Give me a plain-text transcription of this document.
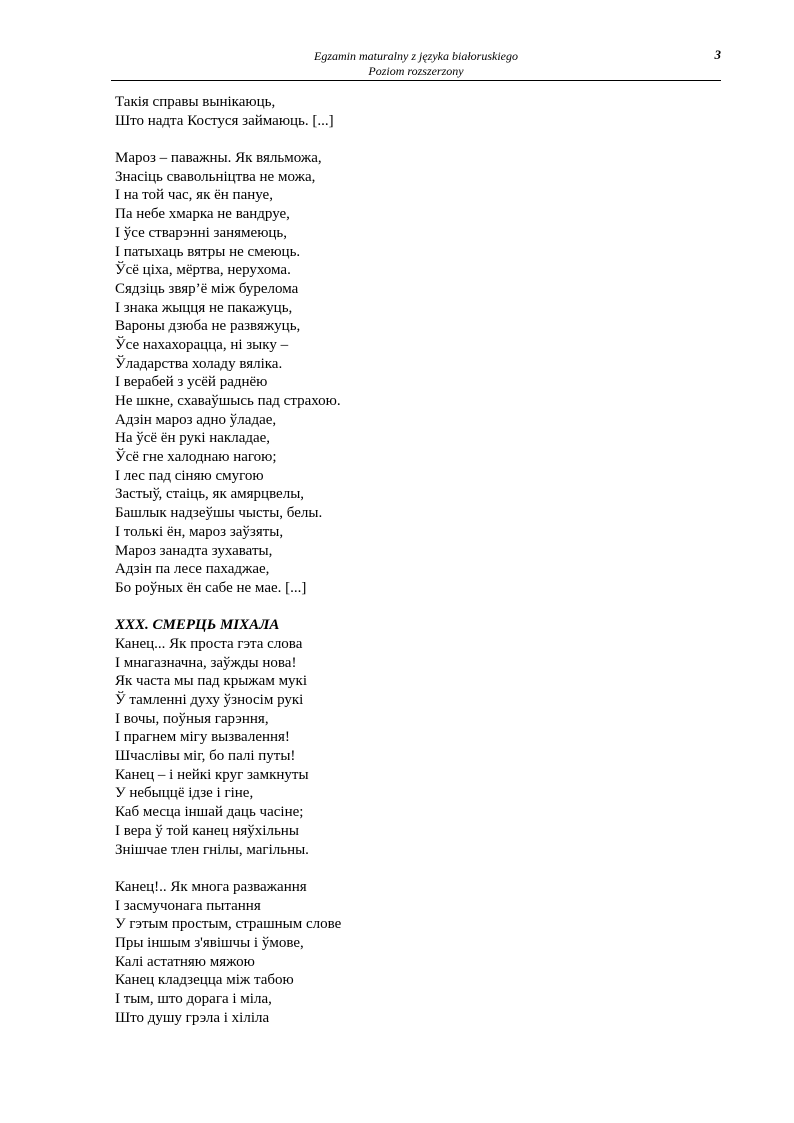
Egzamin maturalny z języka białoruskiego
Poziom rozszerzony
3
Такія справы вынікаюць,
Што надта Костуся займаюць. [...]
Мароз – паважны. Як вяльможа,
Знасіць свавольніцтва не можа,
І на той час, як ён пануе,
Па небе хмарка не вандруе,
І ўсе стварэнні занямеюць,
І патыхаць вятры не смеюць.
Ўсё ціха, мёртва, нерухома.
Сядзіць звяр’ё між бурелома
І знака жыцця не пакажуць,
Вароны дзюба не развяжуць,
Ўсе нахахорацца, ні зыку –
Ўладарства холаду вяліка.
І верабей з усёй раднёю
Не шкне, схаваўшысь пад страхою.
Адзін мароз адно ўладае,
На ўсё ён рукі накладае,
Ўсё гне халоднаю нагою;
І лес пад сіняю смугою
Застыў, стаіць, як амярцвелы,
Башлык надзеўшы чысты, белы.
І толькі ён, мароз заўзяты,
Мароз занадта зухаваты,
Адзін па лесе пахаджае,
Бо роўных ён сабе не мае. [...]
XXX. СМЕРЦЬ МІХАЛА
Канец... Як проста гэта слова
І мнагазначна, заўжды нова!
Як часта мы пад крыжам мукі
Ў тамленні духу ўзносім рукі
І вочы, поўныя гарэння,
І прагнем мігу вызвалення!
Шчаслівы міг, бо палі путы!
Канец – і нейкі круг замкнуты
У небыццё ідзе і гіне,
Каб месца іншай даць часіне;
І вера ў той канец няўхільны
Знішчае тлен гнілы, магільны.
Канец!.. Як многа разважання
І засмучонага пытання
У гэтым простым, страшным слове
Пры іншым з'явішчы і ўмове,
Калі астатняю мяжою
Канец кладзецца між табою
І тым, што дорага і міла,
Што душу грэла і хіліла
